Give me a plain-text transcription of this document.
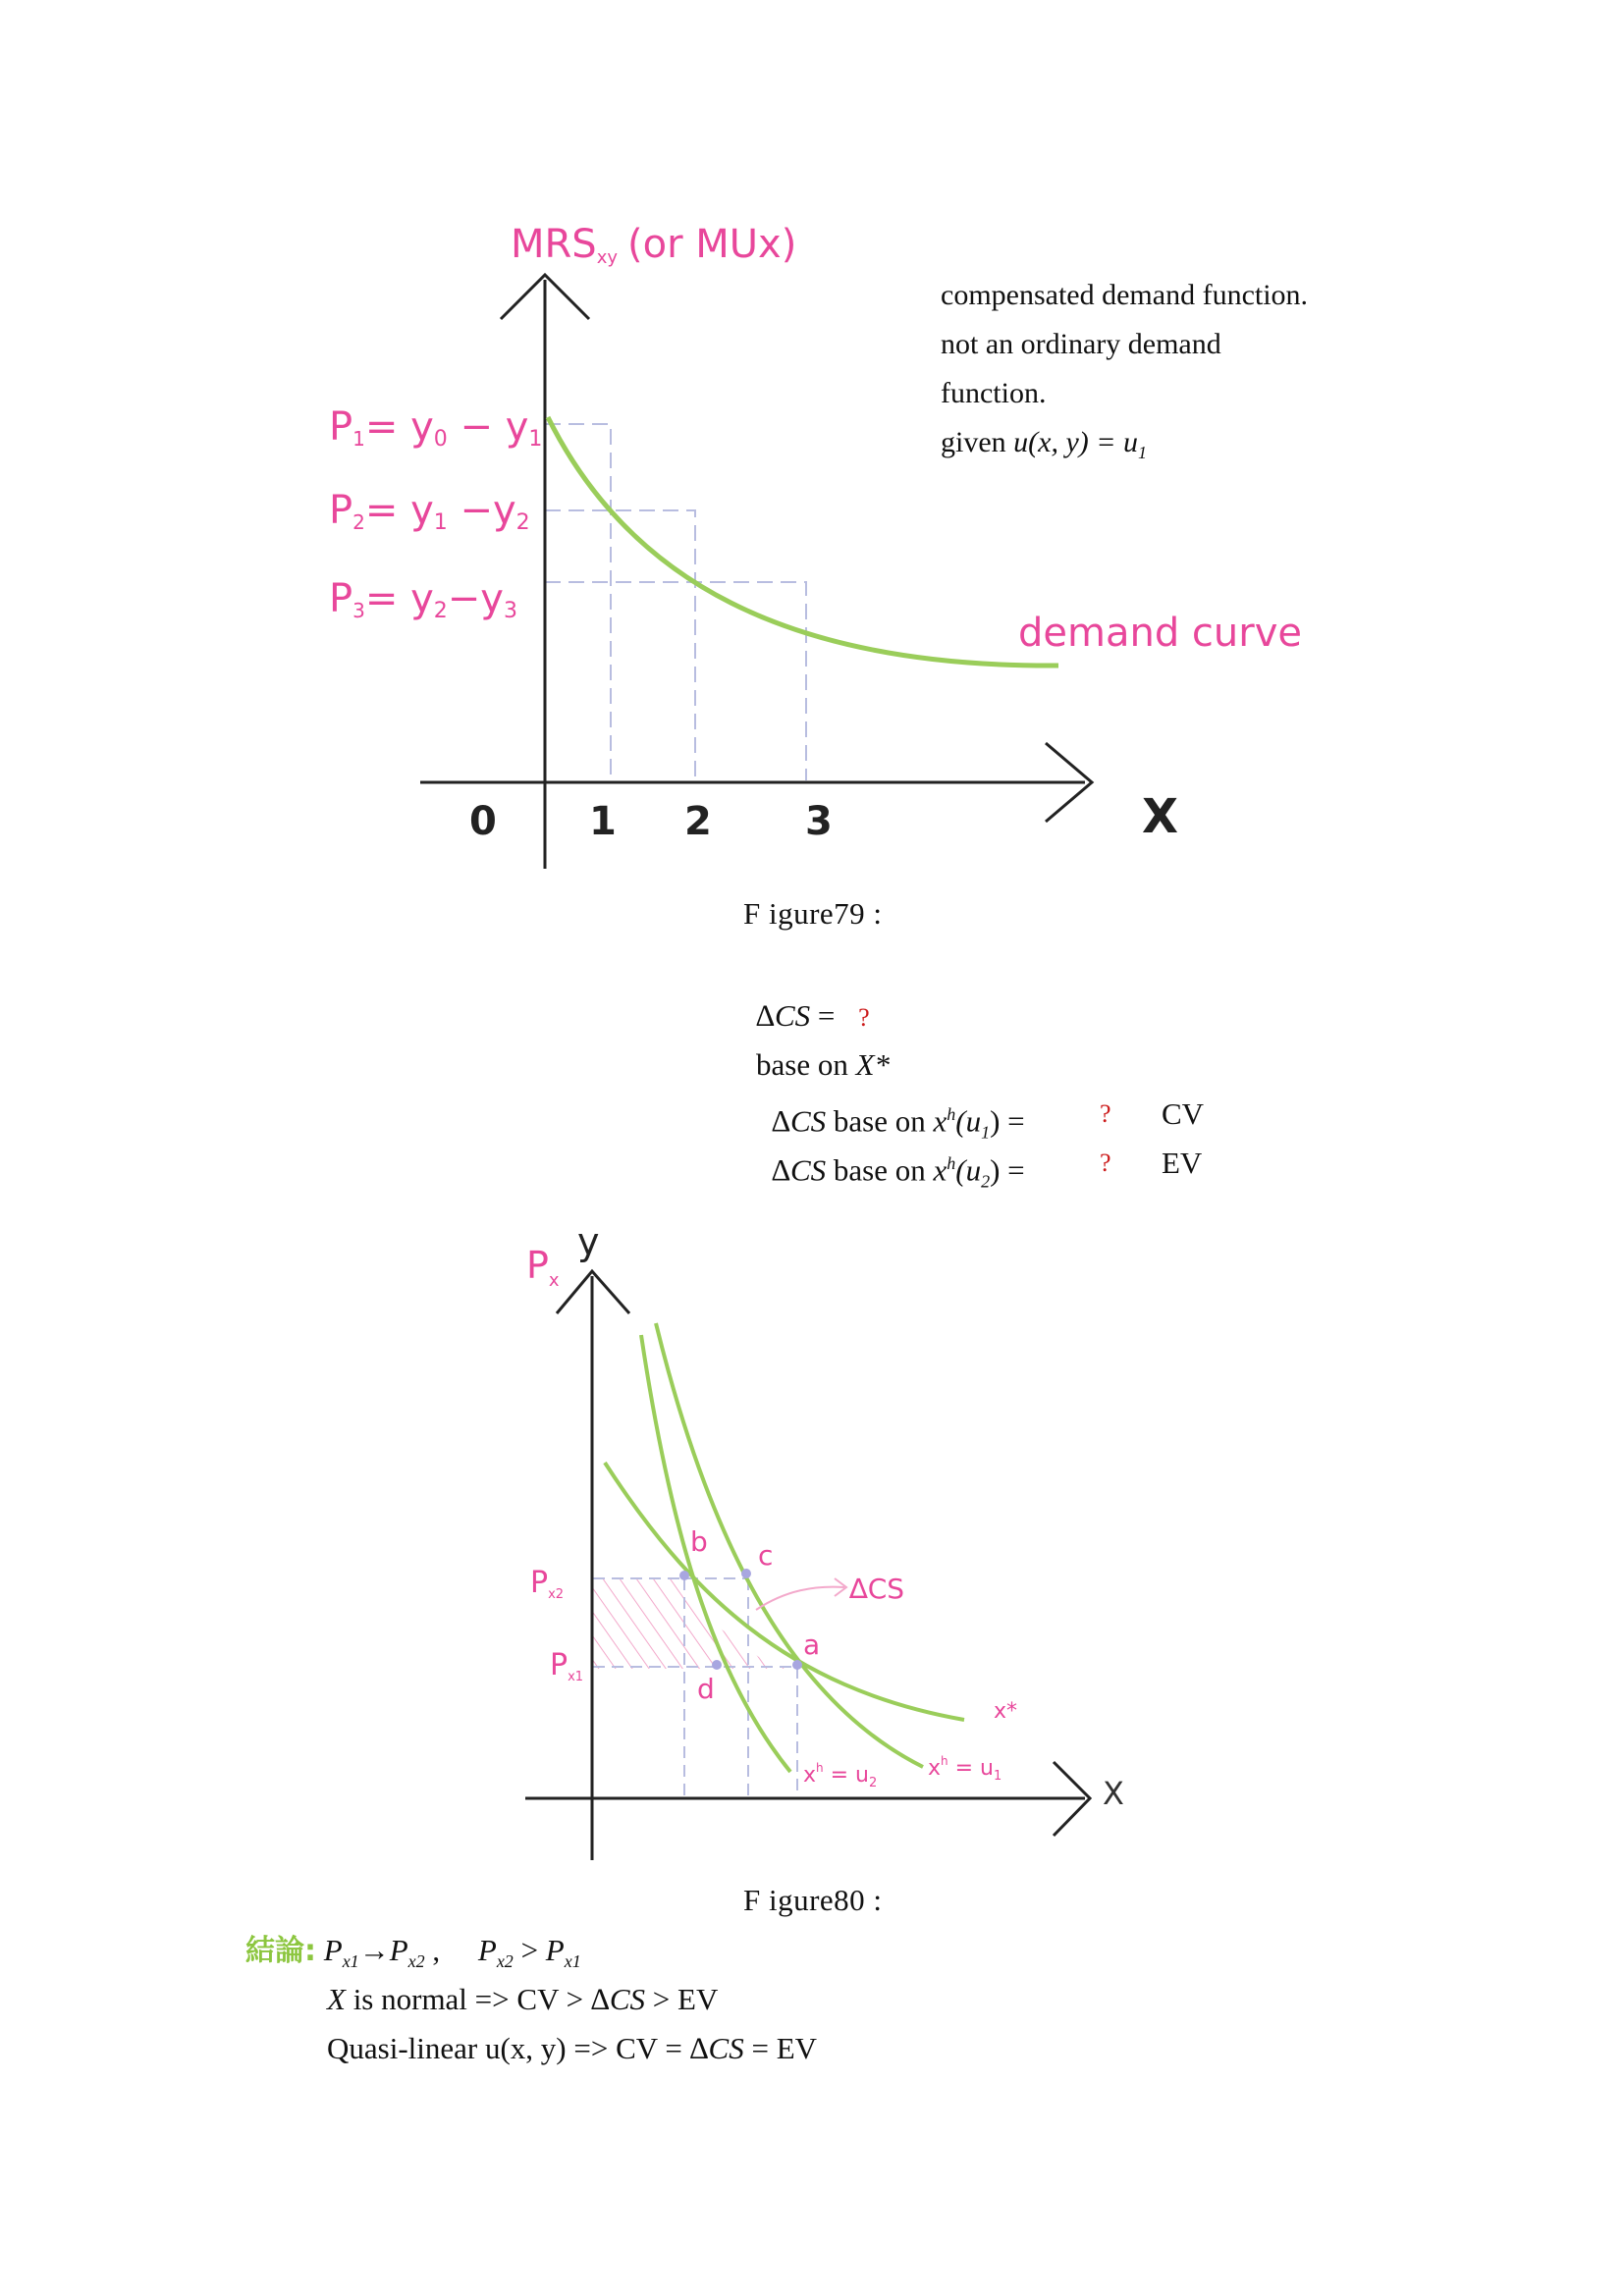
MRSxy (or MUx)
P1= y0 − y1
P2= y1 −y2
P3= y2−y3
0 1 2 3	X
demand curve
compensated demand function.
not an ordinary demand
function.
given u(x, $y) = u_1$
F igure79 :
∆CS = ?
base on X*
∆CS base on $x^h(u_1)$ =	? CV
∆CS base on $x^h(u_2)$ =	? EV
y
$P_x$
X
$P_{x2}$
$P_{x1}$
b c
a
d
∆CS
x*
$x^h = u_2$
$x^h = u_1$
F igure80 :
結論: $P_{x1}\to P_{x2}$ ,     $P_{x2} > P_{x1}$
X is normal => CV > ∆CS > EV
Quasi-linear u(x, y) => CV = ∆CS = EV
